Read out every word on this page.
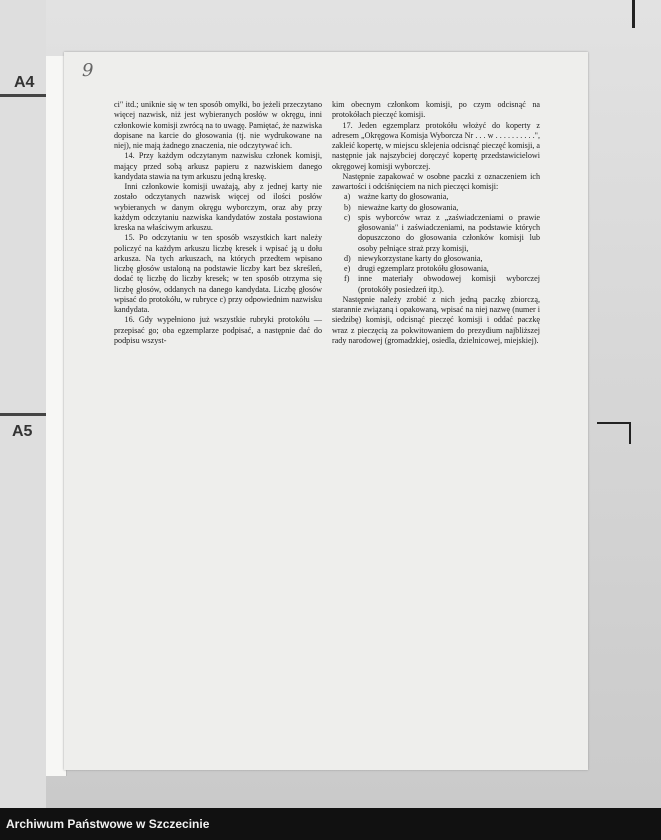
A4
A5
9

ci" itd.; uniknie się w ten sposób omyłki, bo jeżeli przeczytano więcej nazwisk, niż jest wybieranych posłów w okręgu, inni członkowie komisji zwrócą na to uwagę. Pamiętać, że nazwiska dopisane na karcie do głosowania (tj. nie wydrukowane na niej), nie mają żadnego znaczenia, nie odczytywać ich.

14. Przy każdym odczytanym nazwisku członek komisji, mający przed sobą arkusz papieru z nazwiskiem danego kandydata stawia na tym arkuszu jedną kreskę.

Inni członkowie komisji uważają, aby z jednej karty nie zostało odczytanych nazwisk więcej od ilości posłów wybieranych w danym okręgu wyborczym, oraz aby przy każdym odczytaniu nazwiska kandydatów została postawiona kreska na właściwym arkuszu.

15. Po odczytaniu w ten sposób wszystkich kart należy policzyć na każdym arkuszu liczbę kresek i wpisać ją u dołu arkusza. Na tych arkuszach, na których przedtem wpisano liczbę głosów ustaloną na podstawie liczby kart bez skreśleń, dodać tę liczbę do liczby kresek; w ten sposób otrzyma się liczbę głosów, oddanych na danego kandydata. Liczbę głosów wpisać do protokółu, w rubryce c) przy odpowiednim nazwisku kandydata.

16. Gdy wypełniono już wszystkie rubryki protokółu — przepisać go; oba egzemplarze podpisać, a następnie dać do podpisu wszyst-

kim obecnym członkom komisji, po czym odcisnąć na protokółach pieczęć komisji.

17. Jeden egzemplarz protokółu włożyć do koperty z adresem „Okręgowa Komisja Wyborcza Nr . . . w . . . . . . . . . .", zakleić kopertę, w miejscu sklejenia odcisnąć pieczęć komisji, a następnie jak najszybciej doręczyć kopertę przedstawicielowi okręgowej komisji wyborczej.

Następnie zapakować w osobne paczki z oznaczeniem ich zawartości i odciśnięciem na nich pieczęci komisji:

a) ważne karty do głosowania,
b) nieważne karty do głosowania,
c) spis wyborców wraz z „zaświadczeniami o prawie głosowania" i zaświadczeniami, na podstawie których dopuszczono do głosowania członków komisji lub osoby pełniące straż przy komisji,
d) niewykorzystane karty do głosowania,
e) drugi egzemplarz protokółu głosowania,
f) inne materiały obwodowej komisji wyborczej (protokóły posiedzeń itp.).

Następnie należy zrobić z nich jedną paczkę zbiorczą, starannie związaną i opakowaną, wpisać na niej nazwę (numer i siedzibę) komisji, odcisnąć pieczęć komisji i oddać paczkę wraz z pieczęcią za pokwitowaniem do prezydium najbliższej rady narodowej (gromadzkiej, osiedla, dzielnicowej, miejskiej).

Archiwum Państwowe w Szczecinie
